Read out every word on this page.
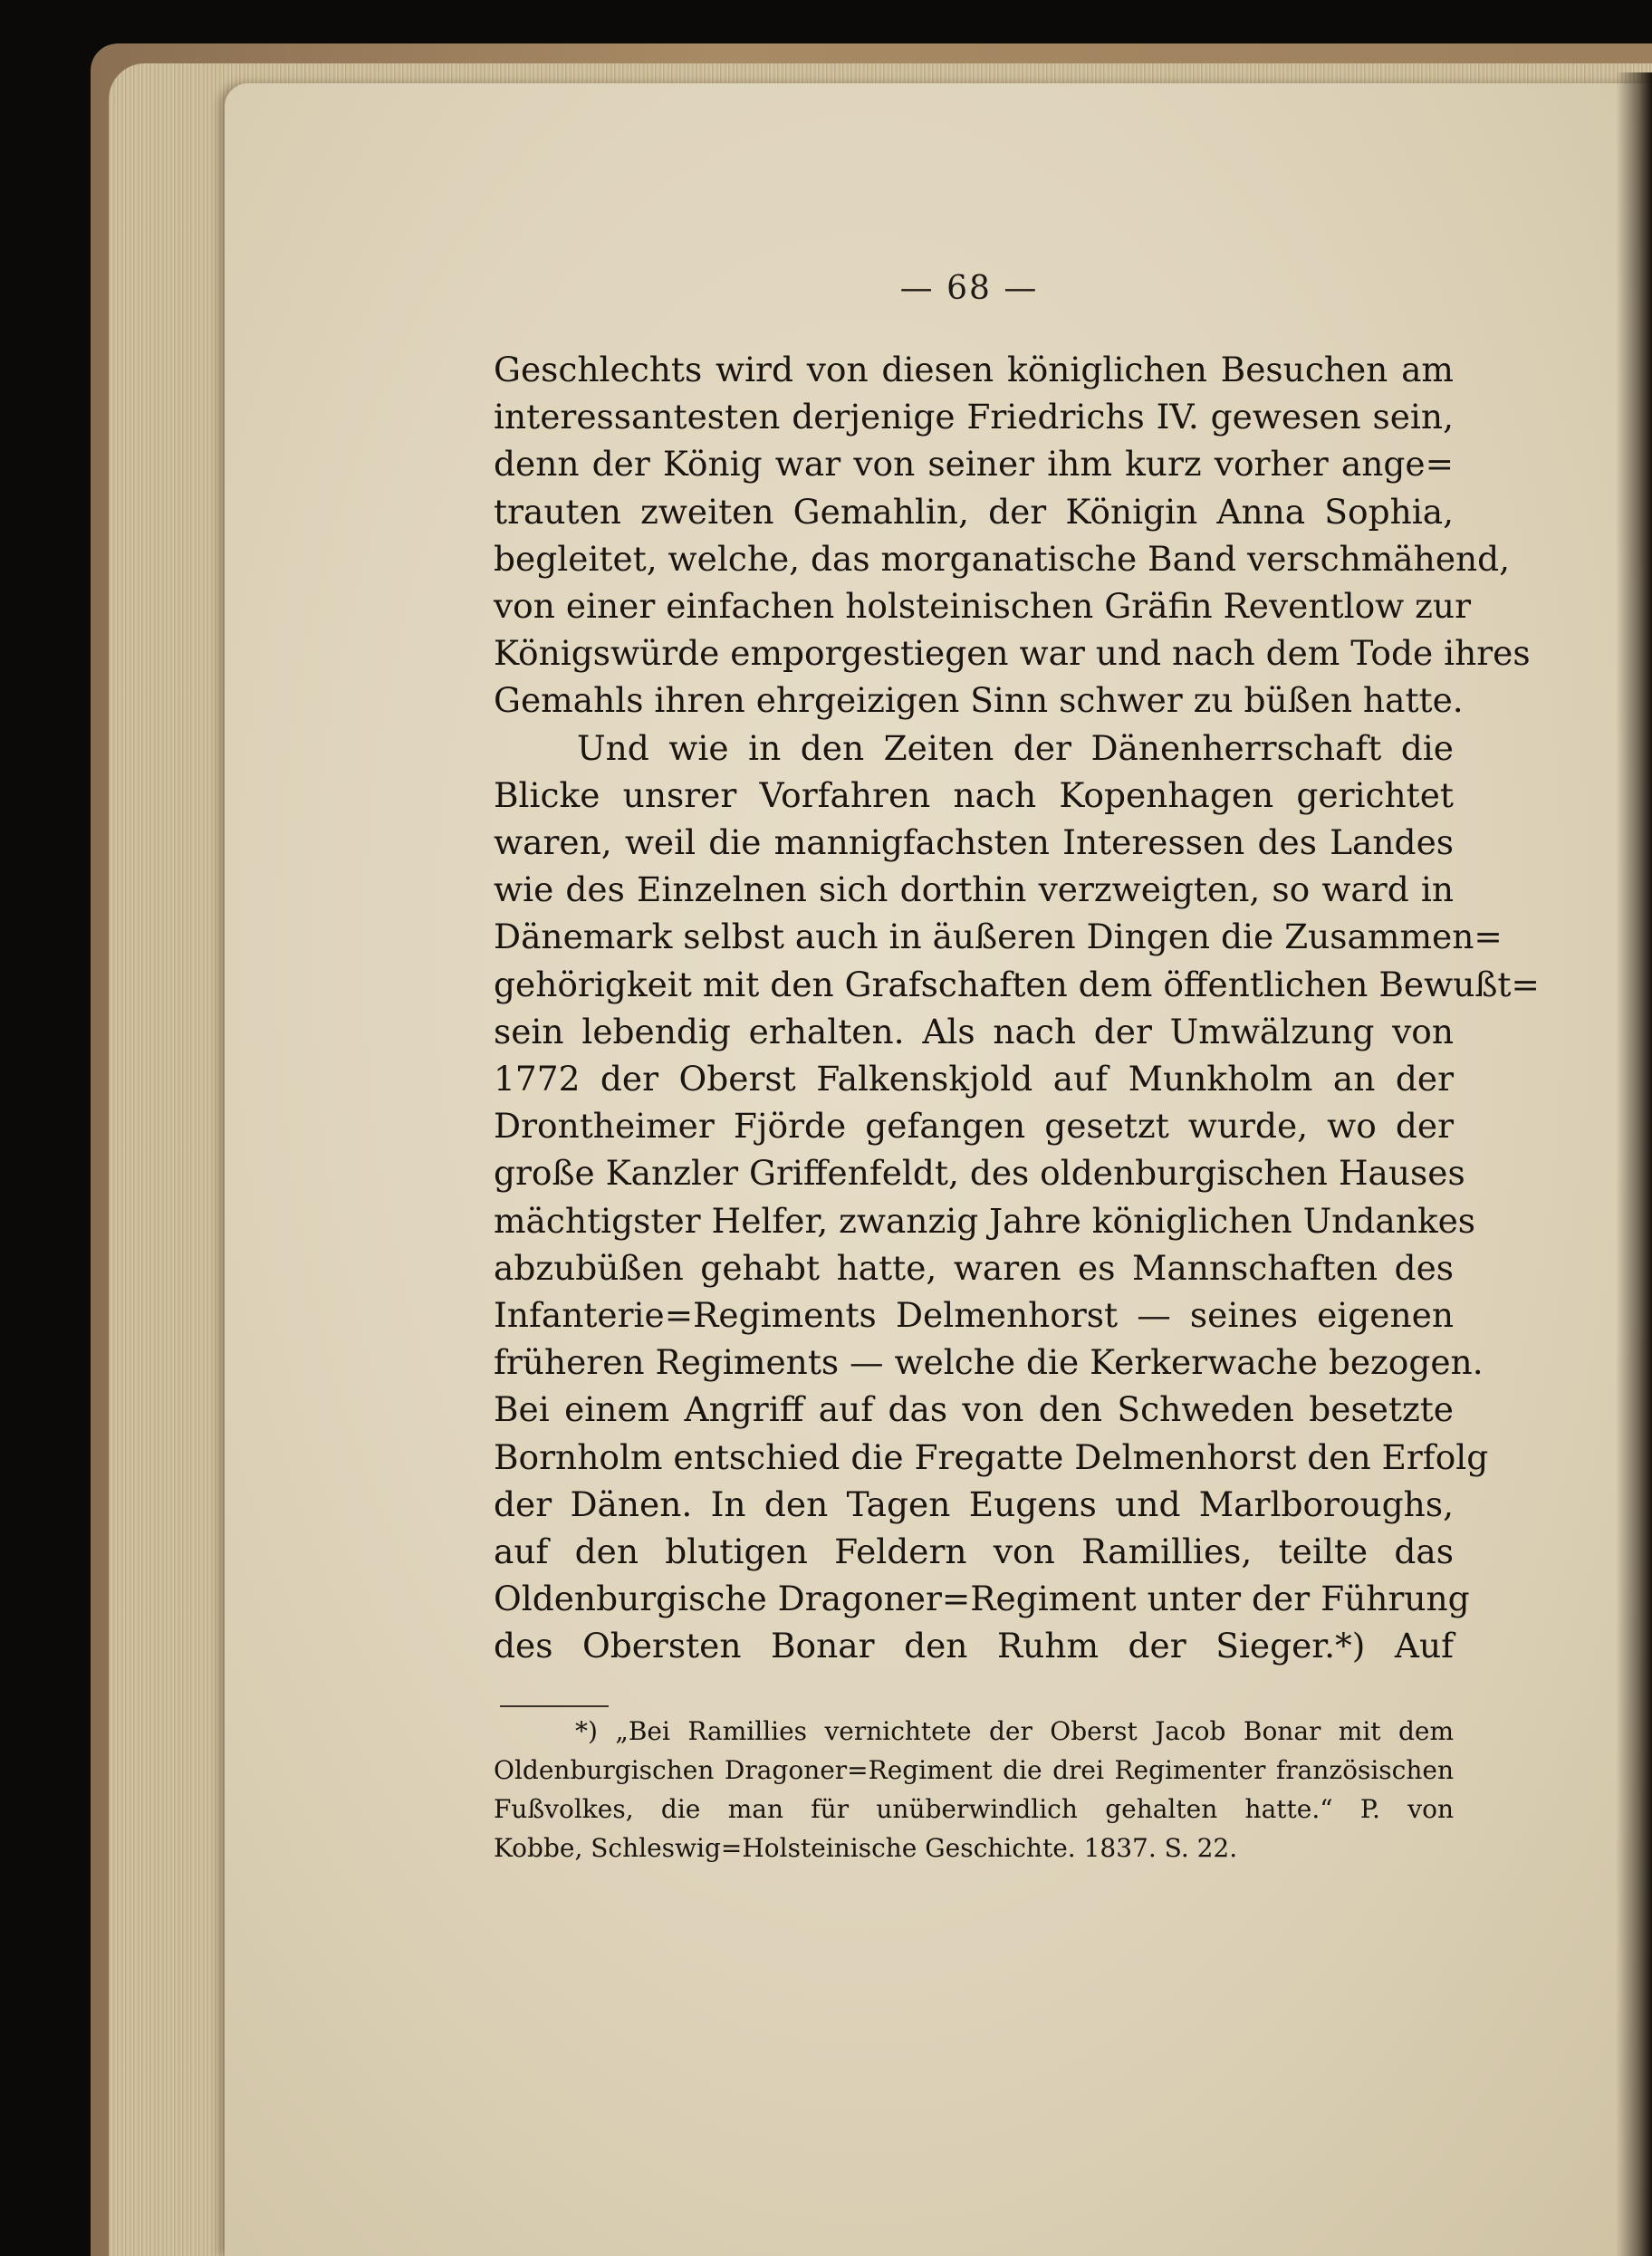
— 68 —
Geschlechts wird von diesen königlichen Besuchen am
interessantesten derjenige Friedrichs IV. gewesen sein,
denn der König war von seiner ihm kurz vorher ange=
trauten zweiten Gemahlin, der Königin Anna Sophia,
begleitet, welche, das morganatische Band verschmähend,
von einer einfachen holsteinischen Gräfin Reventlow zur
Königswürde emporgestiegen war und nach dem Tode ihres
Gemahls ihren ehrgeizigen Sinn schwer zu büßen hatte.
Und wie in den Zeiten der Dänenherrschaft die
Blicke unsrer Vorfahren nach Kopenhagen gerichtet
waren, weil die mannigfachsten Interessen des Landes
wie des Einzelnen sich dorthin verzweigten, so ward in
Dänemark selbst auch in äußeren Dingen die Zusammen=
gehörigkeit mit den Grafschaften dem öffentlichen Bewußt=
sein lebendig erhalten. Als nach der Umwälzung von
1772 der Oberst Falkenskjold auf Munkholm an der
Drontheimer Fjörde gefangen gesetzt wurde, wo der
große Kanzler Griffenfeldt, des oldenburgischen Hauses
mächtigster Helfer, zwanzig Jahre königlichen Undankes
abzubüßen gehabt hatte, waren es Mannschaften des
Infanterie=Regiments Delmenhorst — seines eigenen
früheren Regiments — welche die Kerkerwache bezogen.
Bei einem Angriff auf das von den Schweden besetzte
Bornholm entschied die Fregatte Delmenhorst den Erfolg
der Dänen. In den Tagen Eugens und Marlboroughs,
auf den blutigen Feldern von Ramillies, teilte das
Oldenburgische Dragoner=Regiment unter der Führung
des Obersten Bonar den Ruhm der Sieger.*) Auf
*) „Bei Ramillies vernichtete der Oberst Jacob Bonar mit dem
Oldenburgischen Dragoner=Regiment die drei Regimenter französischen
Fußvolkes, die man für unüberwindlich gehalten hatte.“ P. von
Kobbe, Schleswig=Holsteinische Geschichte. 1837. S. 22.
